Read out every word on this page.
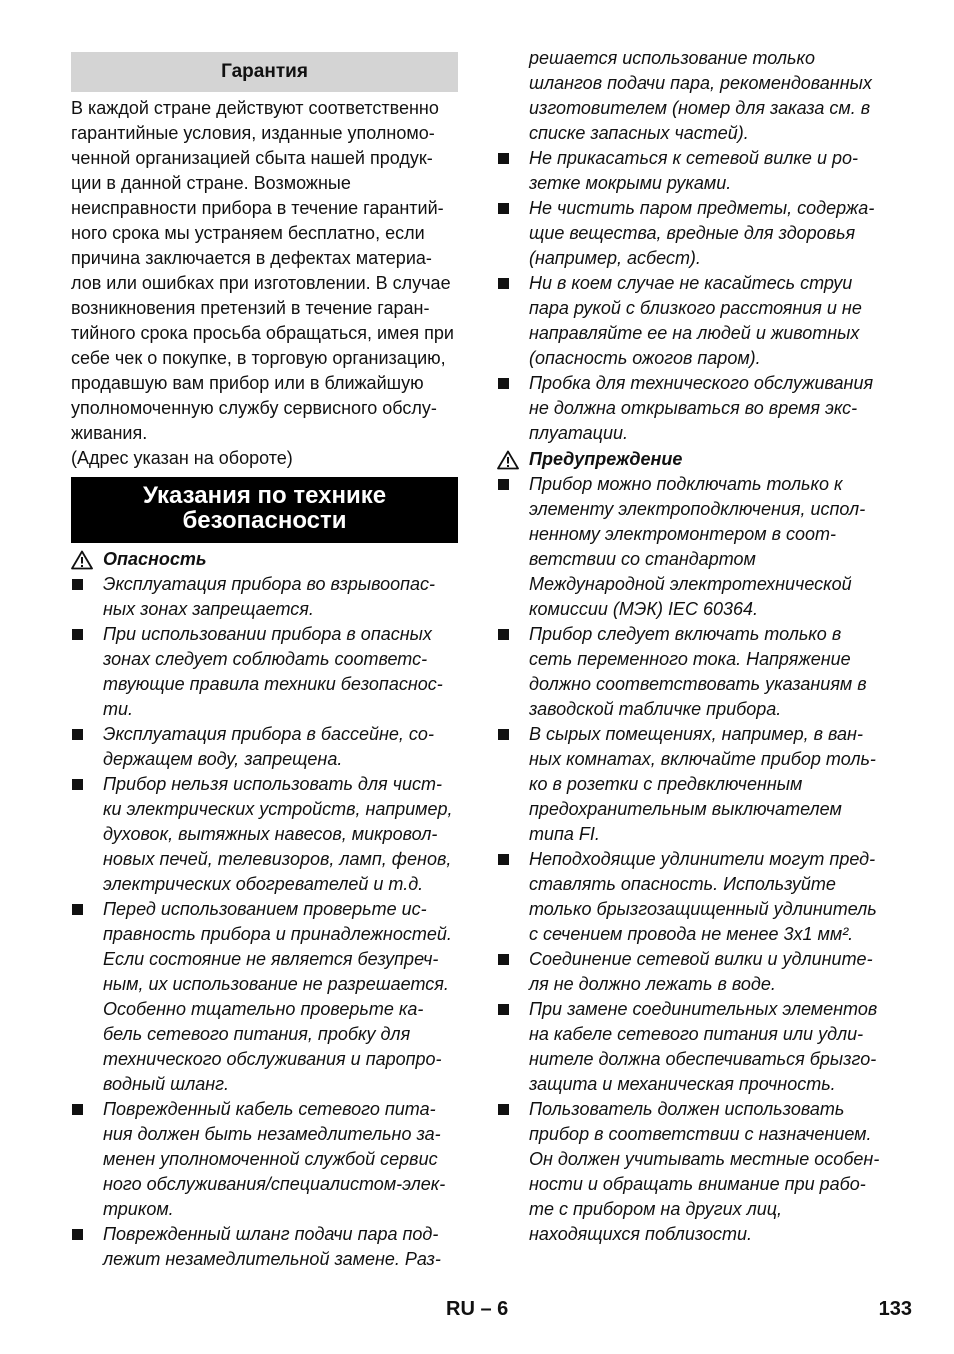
Гарантия
В каждой стране действуют соответственно
гарантийные условия, изданные уполномо-
ченной организацией сбыта нашей продук-
ции в данной стране. Возможные
неисправности прибора в течение гарантий-
ного срока мы устраняем бесплатно, если
причина заключается в дефектах материа-
лов или ошибках при изготовлении. В случае
возникновения претензий в течение гаран-
тийного срока просьба обращаться, имея при
себе чек о покупке, в торговую организацию,
продавшую вам прибор или в ближайшую
уполномоченную службу сервисного обслу-
живания.

(Адрес указан на обороте)

Указания по технике
безопасности
Опасность
Эксплуатация прибора во взрывоопас-
ных зонах запрещается.
При использовании прибора в опасных
зонах следует соблюдать соответс-
твующие правила техники безопаснос-
ти.
Эксплуатация прибора в бассейне, со-
держащем воду, запрещена.
Прибор нельзя использовать для чист-
ки электрических устройств, например,
духовок, вытяжных навесов, микровол-
новых печей, телевизоров, ламп, фенов,
электрических обогревателей и т.д.
Перед использованием проверьте ис-
правность прибора и принадлежностей.
Если состояние не является безупреч-
ным, их использование не разрешается.
Особенно тщательно проверьте ка-
бель сетевого питания, пробку для
технического обслуживания и паропро-
водный шланг.
Поврежденный кабель сетевого пита-
ния должен быть незамедлительно за-
менен уполномоченной службой сервис
ного обслуживания/специалистом-элек-
триком.
Поврежденный шланг подачи пара под-
лежит незамедлительной замене. Раз-
решается использование только
шлангов подачи пара, рекомендованных
изготовителем (номер для заказа см. в
списке запасных частей).
Не прикасаться к сетевой вилке и ро-
зетке мокрыми руками.
Не чистить паром предметы, содержа-
щие вещества, вредные для здоровья
(например, асбест).
Ни в коем случае не касайтесь струи
пара рукой с близкого расстояния и не
направляйте ее на людей и животных
(опасность ожогов паром).
Пробка для технического обслуживания
не должна открываться во время экс-
плуатации.
Предупреждение
Прибор можно подключать только к
элементу электроподключения, испол-
ненному электромонтером в соот-
ветствии со стандартом
Международной электротехнической
комиссии (МЭК) IEC 60364.
Прибор следует включать только в
сеть переменного тока. Напряжение
должно соответствовать указаниям в
заводской табличке прибора.
В сырых помещениях, например, в ван-
ных комнатах, включайте прибор толь-
ко в розетки с предвключенным
предохранительным выключателем
типа FI.
Неподходящие удлинители могут пред-
ставлять опасность. Используйте
только брызгозащищенный удлинитель
с сечением провода не менее 3х1 мм².
Соединение сетевой вилки и удлините-
ля не должно лежать в воде.
При замене соединительных элементов
на кабеле сетевого питания или удли-
нителе должна обеспечиваться брызго-
защита и механическая прочность.
Пользователь должен использовать
прибор в соответствии с назначением.
Он должен учитывать местные особен-
ности и обращать внимание при рабо-
те с прибором на других лиц,
находящихся поблизости.
RU – 6	133
